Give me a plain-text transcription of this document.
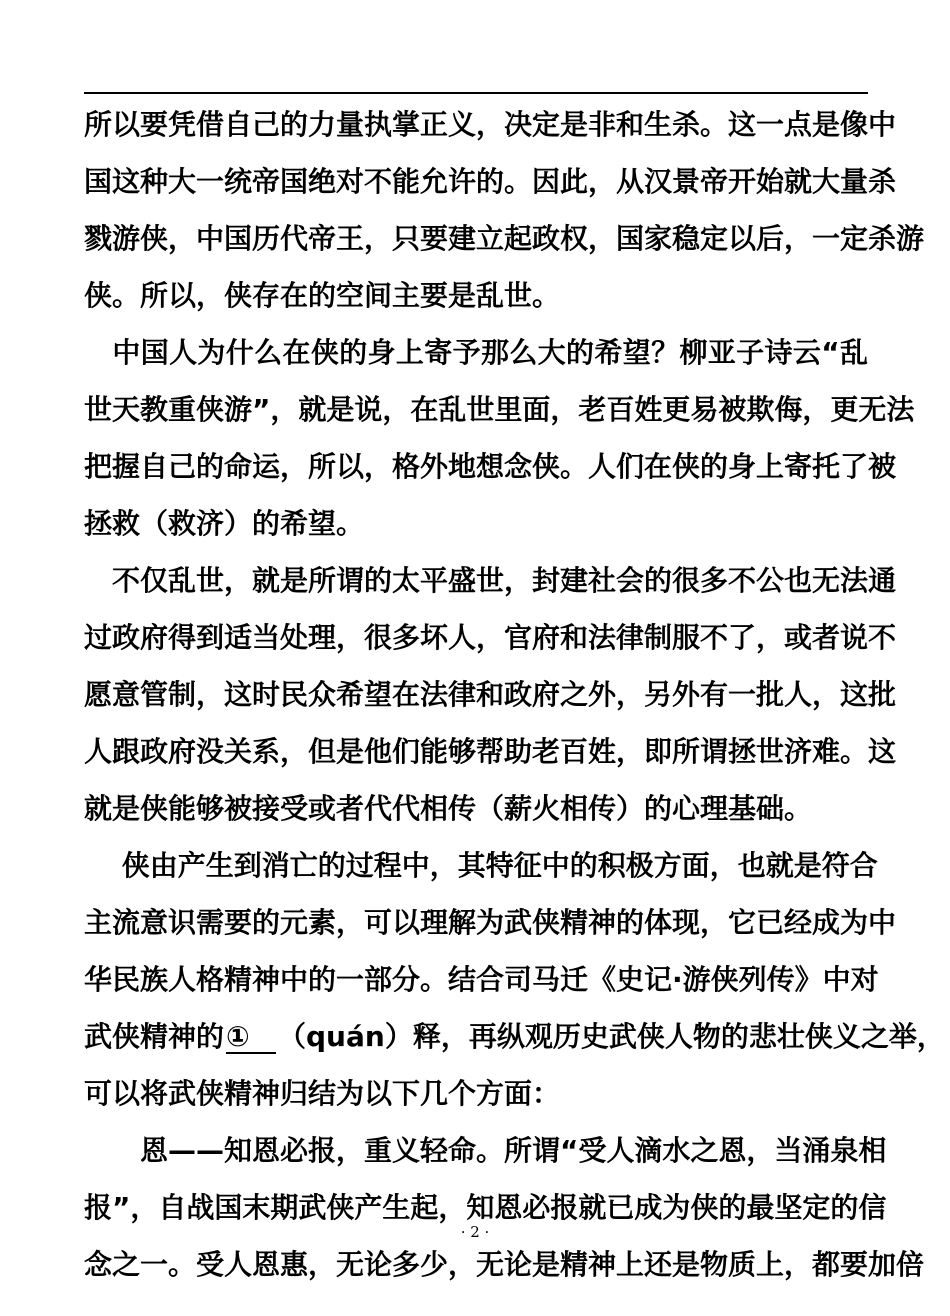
所以要凭借自己的力量执掌正义，决定是非和生杀。这一点是像中
国这种大一统帝国绝对不能允许的。因此，从汉景帝开始就大量杀
戮游侠，中国历代帝王，只要建立起政权，国家稳定以后，一定杀游
侠。所以，侠存在的空间主要是乱世。
　中国人为什么在侠的身上寄予那么大的希望？柳亚子诗云“乱
世天教重侠游”，就是说，在乱世里面，老百姓更易被欺侮，更无法
把握自己的命运，所以，格外地想念侠。人们在侠的身上寄托了被
拯救（救济）的希望。
　不仅乱世，就是所谓的太平盛世，封建社会的很多不公也无法通
过政府得到适当处理，很多坏人，官府和法律制服不了，或者说不
愿意管制，这时民众希望在法律和政府之外，另外有一批人，这批
人跟政府没关系，但是他们能够帮助老百姓，即所谓拯世济难。这
就是侠能够被接受或者代代相传（薪火相传）的心理基础。
　 侠由产生到消亡的过程中，其特征中的积极方面，也就是符合
主流意识需要的元素，可以理解为武侠精神的体现，它已经成为中
华民族人格精神中的一部分。结合司马迁《史记·游侠列传》中对
武侠精神的① （quán）释，再纵观历史武侠人物的悲壮侠义之举，
可以将武侠精神归结为以下几个方面：
　　恩——知恩必报，重义轻命。所谓“受人滴水之恩，当涌泉相
报”，自战国末期武侠产生起，知恩必报就已成为侠的最坚定的信
念之一。受人恩惠，无论多少，无论是精神上还是物质上，都要加倍
· 2 ·
